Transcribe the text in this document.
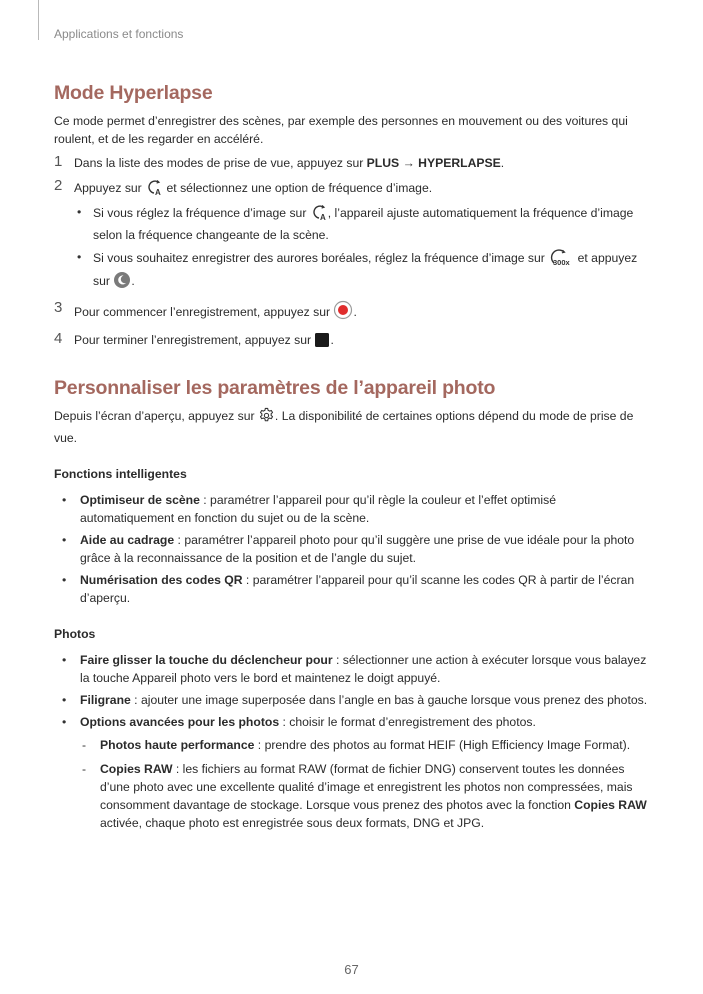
Applications et fonctions
Mode Hyperlapse

Ce mode permet d’enregistrer des scènes, par exemple des personnes en mouvement ou des voitures qui roulent, et de les regarder en accéléré.

1 Dans la liste des modes de prise de vue, appuyez sur PLUS → HYPERLAPSE.
2 Appuyez sur A et sélectionnez une option de fréquence d’image.
• Si vous réglez la fréquence d’image sur A , l’appareil ajuste automatiquement la fréquence d’image selon la fréquence changeante de la scène.
• Si vous souhaitez enregistrer des aurores boréales, réglez la fréquence d’image sur 300x et appuyez sur .
3 Pour commencer l’enregistrement, appuyez sur .
4 Pour terminer l’enregistrement, appuyez sur .
Personnaliser les paramètres de l’appareil photo

Depuis l’écran d’aperçu, appuyez sur . La disponibilité de certaines options dépend du mode de prise de vue.

Fonctions intelligentes
• Optimiseur de scène : paramétrer l’appareil pour qu’il règle la couleur et l’effet optimisé automatiquement en fonction du sujet ou de la scène.
• Aide au cadrage : paramétrer l’appareil photo pour qu’il suggère une prise de vue idéale pour la photo grâce à la reconnaissance de la position et de l’angle du sujet.
• Numérisation des codes QR : paramétrer l’appareil pour qu’il scanne les codes QR à partir de l’écran d’aperçu.
Photos
• Faire glisser la touche du déclencheur pour : sélectionner une action à exécuter lorsque vous balayez la touche Appareil photo vers le bord et maintenez le doigt appuyé.
• Filigrane : ajouter une image superposée dans l’angle en bas à gauche lorsque vous prenez des photos.
• Options avancées pour les photos : choisir le format d’enregistrement des photos.
- Photos haute performance : prendre des photos au format HEIF (High Efficiency Image Format).
- Copies RAW : les fichiers au format RAW (format de fichier DNG) conservent toutes les données d’une photo avec une excellente qualité d’image et enregistrent les photos non compressées, mais consomment davantage de stockage. Lorsque vous prenez des photos avec la fonction Copies RAW activée, chaque photo est enregistrée sous deux formats, DNG et JPG.
67
